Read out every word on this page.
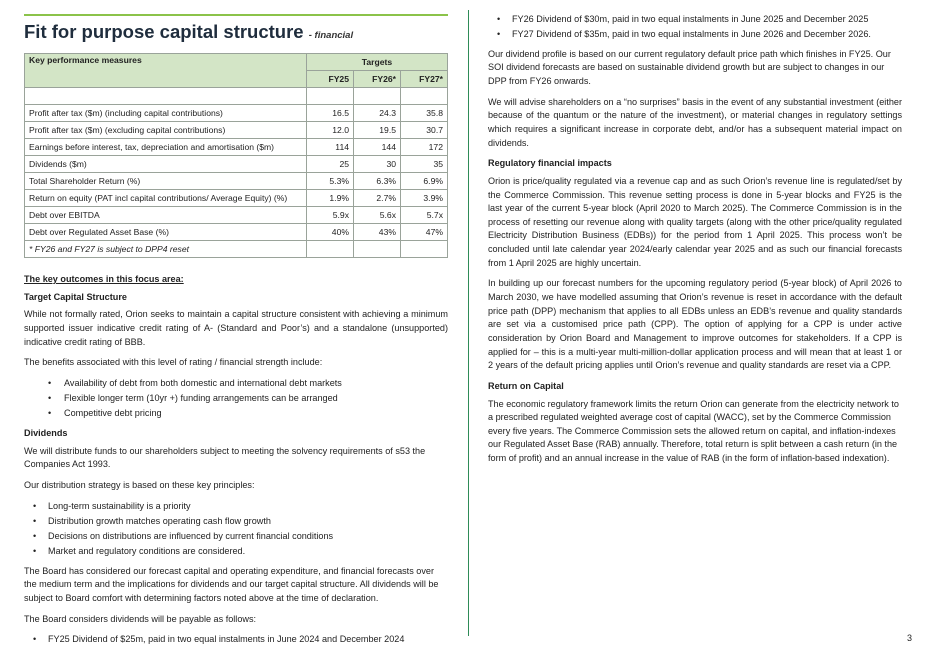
Fit for purpose capital structure - financial
Key performance measures	Targets		
	FY25	FY26*	FY27*

Profit after tax ($m) (including capital contributions)	16.5	24.3	35.8
Profit after tax ($m) (excluding capital contributions)	12.0	19.5	30.7
Earnings before interest, tax, depreciation and amortisation ($m)	114	144	172
Dividends ($m)	25	30	35
Total Shareholder Return (%)	5.3%	6.3%	6.9%
Return on equity (PAT incl capital contributions/ Average Equity) (%)	1.9%	2.7%	3.9%
Debt over EBITDA	5.9x	5.6x	5.7x
Debt over Regulated Asset Base (%)	40%	43%	47%
* FY26 and FY27 is subject to DPP4 reset			

The key outcomes in this focus area:

Target Capital Structure

While not formally rated, Orion seeks to maintain a capital structure consistent with achieving a minimum supported issuer indicative credit rating of A- (Standard and Poor’s) and a standalone (unsupported) indicative credit rating of BBB.

The benefits associated with this level of rating / financial strength include:

• Availability of debt from both domestic and international debt markets
• Flexible longer term (10yr +) funding arrangements can be arranged
• Competitive debt pricing

Dividends

We will distribute funds to our shareholders subject to meeting the solvency requirements of s53 the Companies Act 1993.

Our distribution strategy is based on these key principles:

• Long-term sustainability is a priority
• Distribution growth matches operating cash flow growth
• Decisions on distributions are influenced by current financial conditions
• Market and regulatory conditions are considered.

The Board has considered our forecast capital and operating expenditure, and financial forecasts over the medium term and the implications for dividends and our target capital structure. All dividends will be subject to Board comfort with determining factors noted above at the time of declaration.

The Board considers dividends will be payable as follows:

• FY25 Dividend of $25m, paid in two equal instalments in June 2024 and December 2024
• FY26 Dividend of $30m, paid in two equal instalments in June 2025 and December 2025
• FY27 Dividend of $35m, paid in two equal instalments in June 2026 and December 2026.

Our dividend profile is based on our current regulatory default price path which finishes in FY25. Our SOI dividend forecasts are based on sustainable dividend growth but are subject to changes in our DPP from FY26 onwards.

We will advise shareholders on a “no surprises” basis in the event of any substantial investment (either because of the quantum or the nature of the investment), or material changes in regulatory settings which requires a significant increase in corporate debt, and/or has a subsequent material impact on dividends.

Regulatory financial impacts

Orion is price/quality regulated via a revenue cap and as such Orion’s revenue line is regulated/set by the Commerce Commission. This revenue setting process is done in 5-year blocks and FY25 is the last year of the current 5-year block (April 2020 to March 2025). The Commerce Commission is in the process of resetting our revenue along with quality targets (along with the other price/quality regulated Electricity Distribution Business (EDBs)) for the period from 1 April 2025. This process won’t be concluded until late calendar year 2024/early calendar year 2025 and as such our financial forecasts from 1 April 2025 are highly uncertain.

In building up our forecast numbers for the upcoming regulatory period (5-year block) of April 2026 to March 2030, we have modelled assuming that Orion’s revenue is reset in accordance with the default price path (DPP) mechanism that applies to all EDBs unless an EDB’s revenue and quality standards are set via a customised price path (CPP). The option of applying for a CPP is under active consideration by Orion Board and Management to improve outcomes for stakeholders. If a CPP is applied for – this is a multi-year multi-million-dollar application process and will mean that at least 1 or 2 years of the default pricing applies until Orion’s revenue and quality standards are reset via a CPP.

Return on Capital

The economic regulatory framework limits the return Orion can generate from the electricity network to a prescribed regulated weighted average cost of capital (WACC), set by the Commerce Commission every five years. The Commerce Commission sets the allowed return on capital, and inflation-indexes our Regulated Asset Base (RAB) annually. Therefore, total return is split between a cash return (in the form of profit) and an annual increase in the value of RAB (in the form of inflation-based indexation).

3
